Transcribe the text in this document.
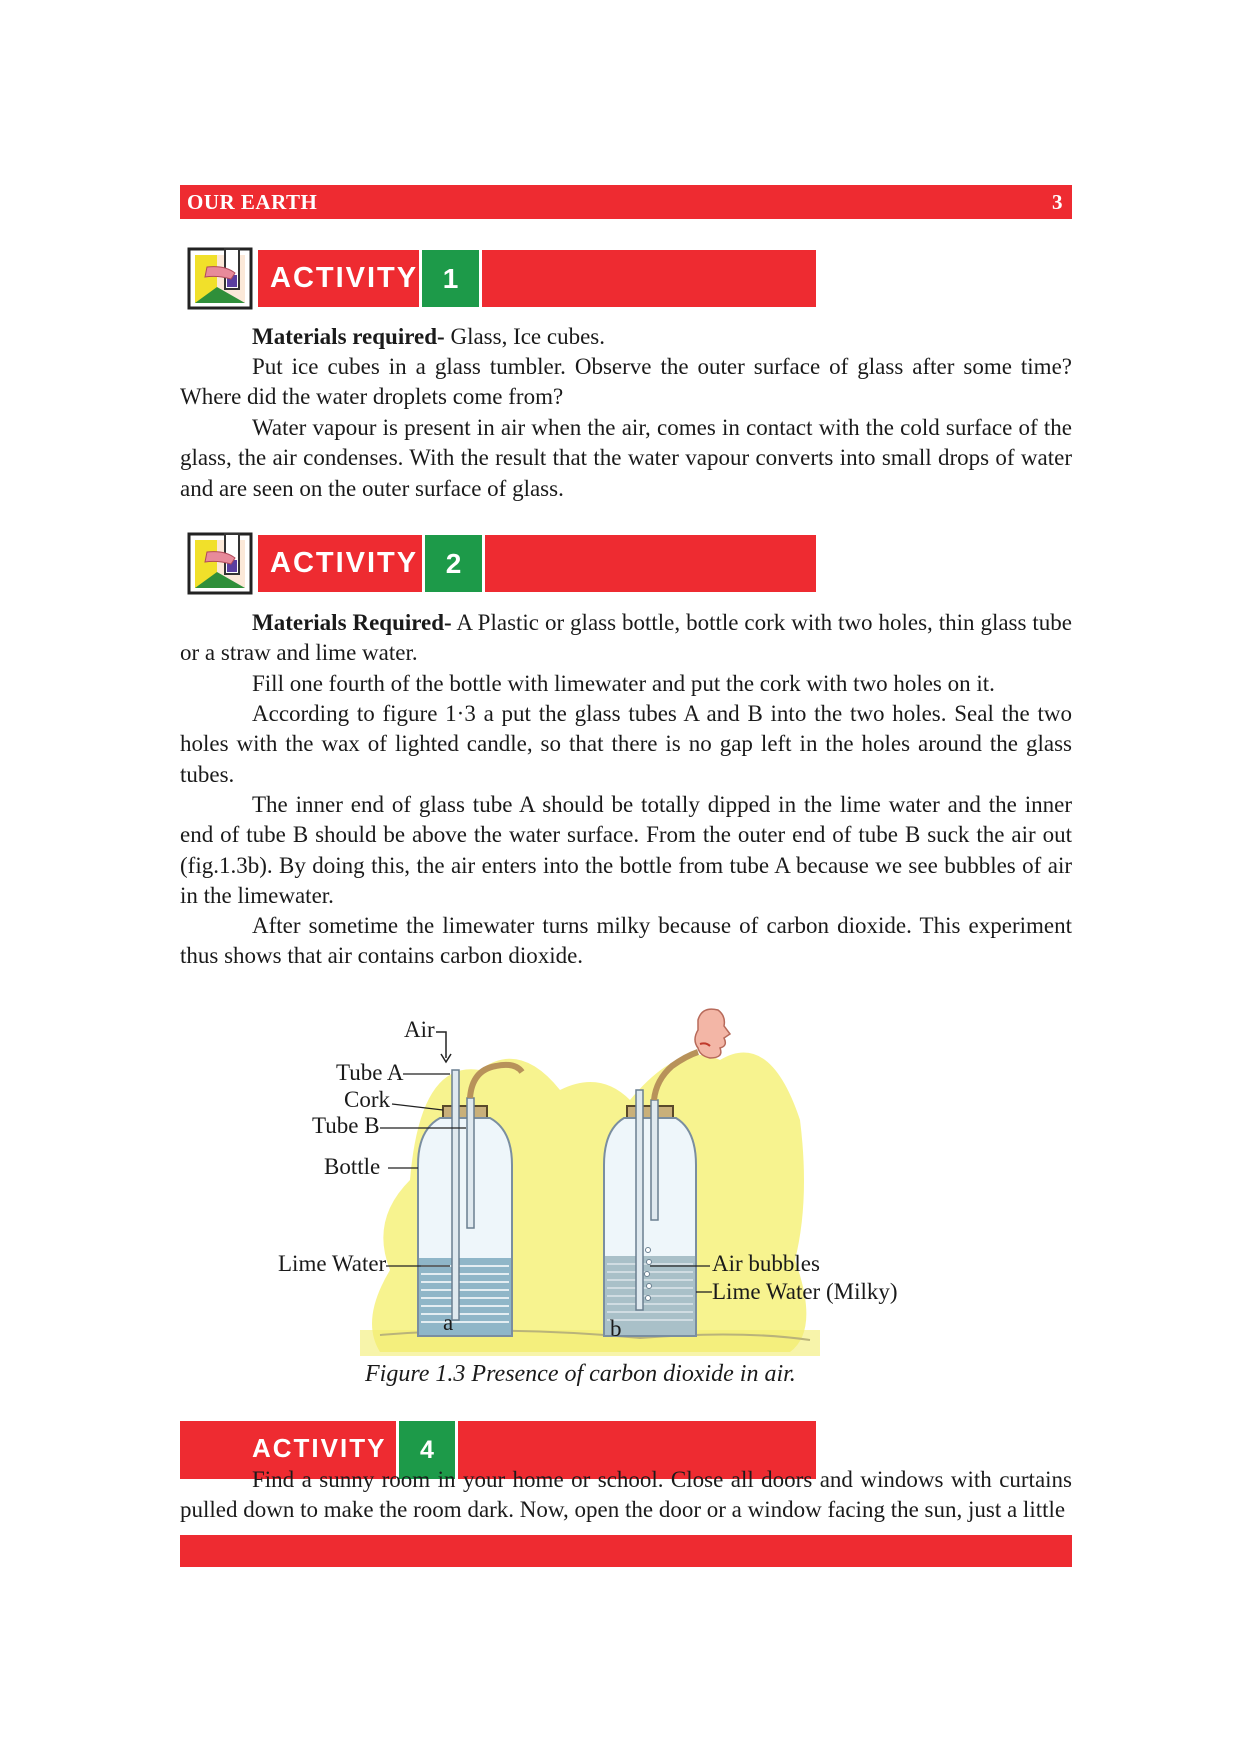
OUR EARTH	3
ACTIVITY 1

Materials required- Glass, Ice cubes.

Put ice cubes in a glass tumbler. Observe the outer surface of glass after some time? Where did the water droplets come from?

Water vapour is present in air when the air, comes in contact with the cold surface of the glass, the air condenses. With the result that the water vapour converts into small drops of water and are seen on the outer surface of glass.

ACTIVITY 2

Materials Required- A Plastic or glass bottle, bottle cork with two holes, thin glass tube or a straw and lime water.

Fill one fourth of the bottle with limewater and put the cork with two holes on it.

According to figure 1·3 a put the glass tubes A and B into the two holes. Seal the two holes with the wax of lighted candle, so that there is no gap left in the holes around the glass tubes.

The inner end of glass tube A should be totally dipped in the lime water and the inner end of tube B should be above the water surface. From the outer end of tube B suck the air out (fig.1.3b). By doing this, the air enters into the bottle from tube A because we see bubbles of air in the limewater.

After sometime the limewater turns milky because of carbon dioxide. This experiment thus shows that air contains carbon dioxide.

Air
Tube A
Cork
Tube B
Bottle
Lime Water	Air bubbles
Lime Water (Milky)
a	b
Figure 1.3 Presence of carbon dioxide in air.
ACTIVITY	4

Find a sunny room in your home or school. Close all doors and windows with curtains pulled down to make the room dark. Now, open the door or a window facing the sun, just a little
